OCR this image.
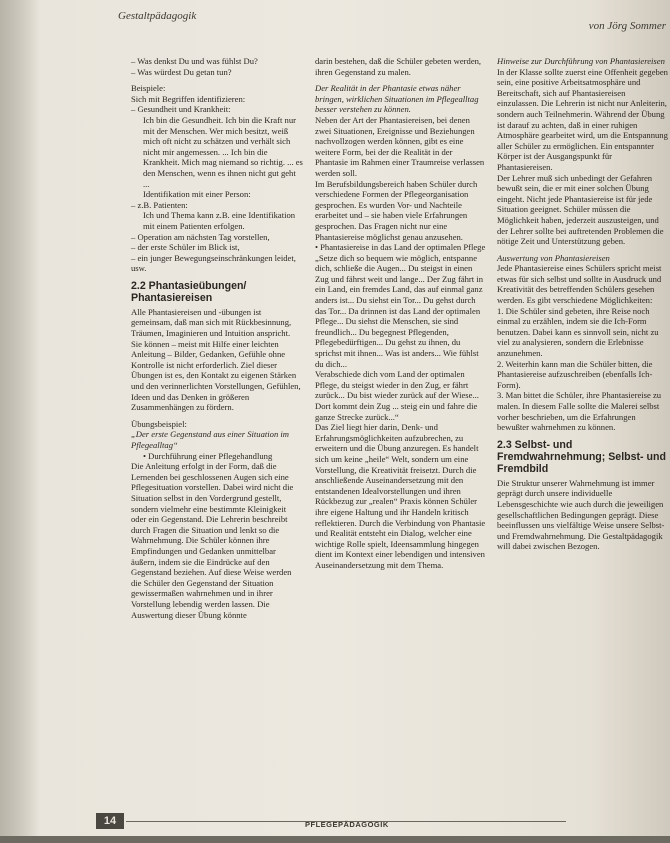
Gestaltpädagogik
von Jörg Sommer

– Was denkst Du und was fühlst Du?

– Was würdest Du getan tun?

Beispiele:

Sich mit Begriffen identifizieren:

– Gesundheit und Krankheit:

Ich bin die Gesundheit. Ich bin die Kraft nur mit der Menschen. Wer mich besitzt, weiß mich oft nicht zu schätzen und verhält sich nicht mir angemessen. ... Ich bin die Krankheit. Mich mag niemand so richtig. ... es den Menschen, wenn es ihnen nicht gut geht ...

Identifikation mit einer Person:

– z.B. Patienten:

Ich und Thema kann z.B. eine Identifikation mit einem Patienten erfolgen.

– Operation am nächsten Tag vorstellen,

– der erste Schüler im Blick ist,

– ein junger Bewegungseinschränkungen leidet, usw.

2.2 Phantasieübungen/ Phantasiereisen

Alle Phantasiereisen und -übungen ist gemeinsam, daß man sich mit Rückbesinnung, Träumen, Imaginieren und Intuition anspricht. Sie können – meist mit Hilfe einer leichten Anleitung – Bilder, Gedanken, Gefühle ohne Kontrolle ist nicht erforderlich. Ziel dieser Übungen ist es, den Kontakt zu eigenen Stärken und den verinnerlichten Vorstellungen, Gefühlen, Ideen und das Denken in größeren Zusammenhängen zu fördern.

Übungsbeispiel:

„Der erste Gegenstand aus einer Situation im Pflegealltag“

• Durchführung einer Pflegehandlung

Die Anleitung erfolgt in der Form, daß die Lernenden bei geschlossenen Augen sich eine Pflegesituation vorstellen. Dabei wird nicht die Situation selbst in den Vordergrund gestellt, sondern vielmehr eine bestimmte Kleinigkeit oder ein Gegenstand. Die Lehrerin beschreibt durch Fragen die Situation und lenkt so die Wahrnehmung. Die Schüler können ihre Empfindungen und Gedanken unmittelbar äußern, indem sie die Eindrücke auf den Gegenstand beziehen. Auf diese Weise werden die Schüler den Gegenstand der Situation gewissermaßen wahrnehmen und in ihrer Vorstellung lebendig werden lassen. Die Auswertung dieser Übung könnte

darin bestehen, daß die Schüler gebeten werden, ihren Gegenstand zu malen.

Der Realität in der Phantasie etwas näher bringen, wirklichen Situationen im Pflegealltag besser verstehen zu können.

Neben der Art der Phantasiereisen, bei denen zwei Situationen, Ereignisse und Beziehungen nachvollzogen werden können, gibt es eine weitere Form, bei der die Realität in der Phantasie im Rahmen einer Traumreise verlassen werden soll.

Im Berufsbildungsbereich haben Schüler durch verschiedene Formen der Pflegeorganisation gesprochen. Es wurden Vor- und Nachteile erarbeitet und – sie haben viele Erfahrungen gesprochen. Das Fragen nicht nur eine Phantasiereise möglichst genau anzusehen.

• Phantasiereise in das Land der optimalen Pflege

„Setze dich so bequem wie möglich, entspanne dich, schließe die Augen... Du steigst in einen Zug und fährst weit und lange... Der Zug fährt in ein Land, ein fremdes Land, das auf einmal ganz anders ist... Du siehst ein Tor... Du gehst durch das Tor... Da drinnen ist das Land der optimalen Pflege... Du siehst die Menschen, sie sind freundlich... Du begegnest Pflegenden, Pflegebedürftigen... Du gehst zu ihnen, du sprichst mit ihnen... Was ist anders... Wie fühlst du dich...

Verabschiede dich vom Land der optimalen Pflege, du steigst wieder in den Zug, er fährt zurück... Du bist wieder zurück auf der Wiese... Dort kommt dein Zug ... steig ein und fahre die ganze Strecke zurück...“

Das Ziel liegt hier darin, Denk- und Erfahrungsmöglichkeiten aufzubrechen, zu erweitern und die Übung anzuregen. Es handelt sich um keine „heile“ Welt, sondern um eine Vorstellung, die Kreativität freisetzt. Durch die anschließende Auseinandersetzung mit den entstandenen Idealvorstellungen und ihren Rückbezug zur „realen“ Praxis können Schüler ihre eigene Haltung und ihr Handeln kritisch reflektieren. Durch die Verbindung von Phantasie und Realität entsteht ein Dialog, welcher eine wichtige Rolle spielt, Ideensammlung hingegen dient im Kontext einer lebendigen und intensiven Auseinandersetzung mit dem Thema.

Hinweise zur Durchführung von Phantasiereisen

In der Klasse sollte zuerst eine Offenheit gegeben sein, eine positive Arbeitsatmosphäre und Bereitschaft, sich auf Phantasiereisen einzulassen. Die Lehrerin ist nicht nur Anleiterin, sondern auch Teilnehmerin. Während der Übung ist darauf zu achten, daß in einer ruhigen Atmosphäre gearbeitet wird, um die Entspannung aller Schüler zu ermöglichen. Ein entspannter Körper ist der Ausgangspunkt für Phantasiereisen.

Der Lehrer muß sich unbedingt der Gefahren bewußt sein, die er mit einer solchen Übung eingeht. Nicht jede Phantasiereise ist für jede Situation geeignet. Schüler müssen die Möglichkeit haben, jederzeit auszusteigen, und der Lehrer sollte bei auftretenden Problemen die nötige Zeit und Unterstützung geben.

Auswertung von Phantasiereisen

Jede Phantasiereise eines Schülers spricht meist etwas für sich selbst und sollte in Ausdruck und Kreativität des betreffenden Schülers gesehen werden. Es gibt verschiedene Möglichkeiten:

1. Die Schüler sind gebeten, ihre Reise noch einmal zu erzählen, indem sie die Ich-Form benutzen. Dabei kann es sinnvoll sein, nicht zu viel zu analysieren, sondern die Erlebnisse anzunehmen.

2. Weiterhin kann man die Schüler bitten, die Phantasiereise aufzuschreiben (ebenfalls Ich-Form).

3. Man bittet die Schüler, ihre Phantasiereise zu malen. In diesem Falle sollte die Malerei selbst vorher beschrieben, um die Erfahrungen bewußter wahrnehmen zu können.

2.3 Selbst- und Fremdwahrnehmung; Selbst- und Fremdbild

Die Struktur unserer Wahrnehmung ist immer geprägt durch unsere individuelle Lebensgeschichte wie auch durch die jeweiligen gesellschaftlichen Bedingungen geprägt. Diese beeinflussen uns vielfältige Weise unsere Selbst- und Fremdwahrnehmung. Die Gestaltpädagogik will dabei zwischen Bezogen.

14	PFLEGEPÄDAGOGIK
